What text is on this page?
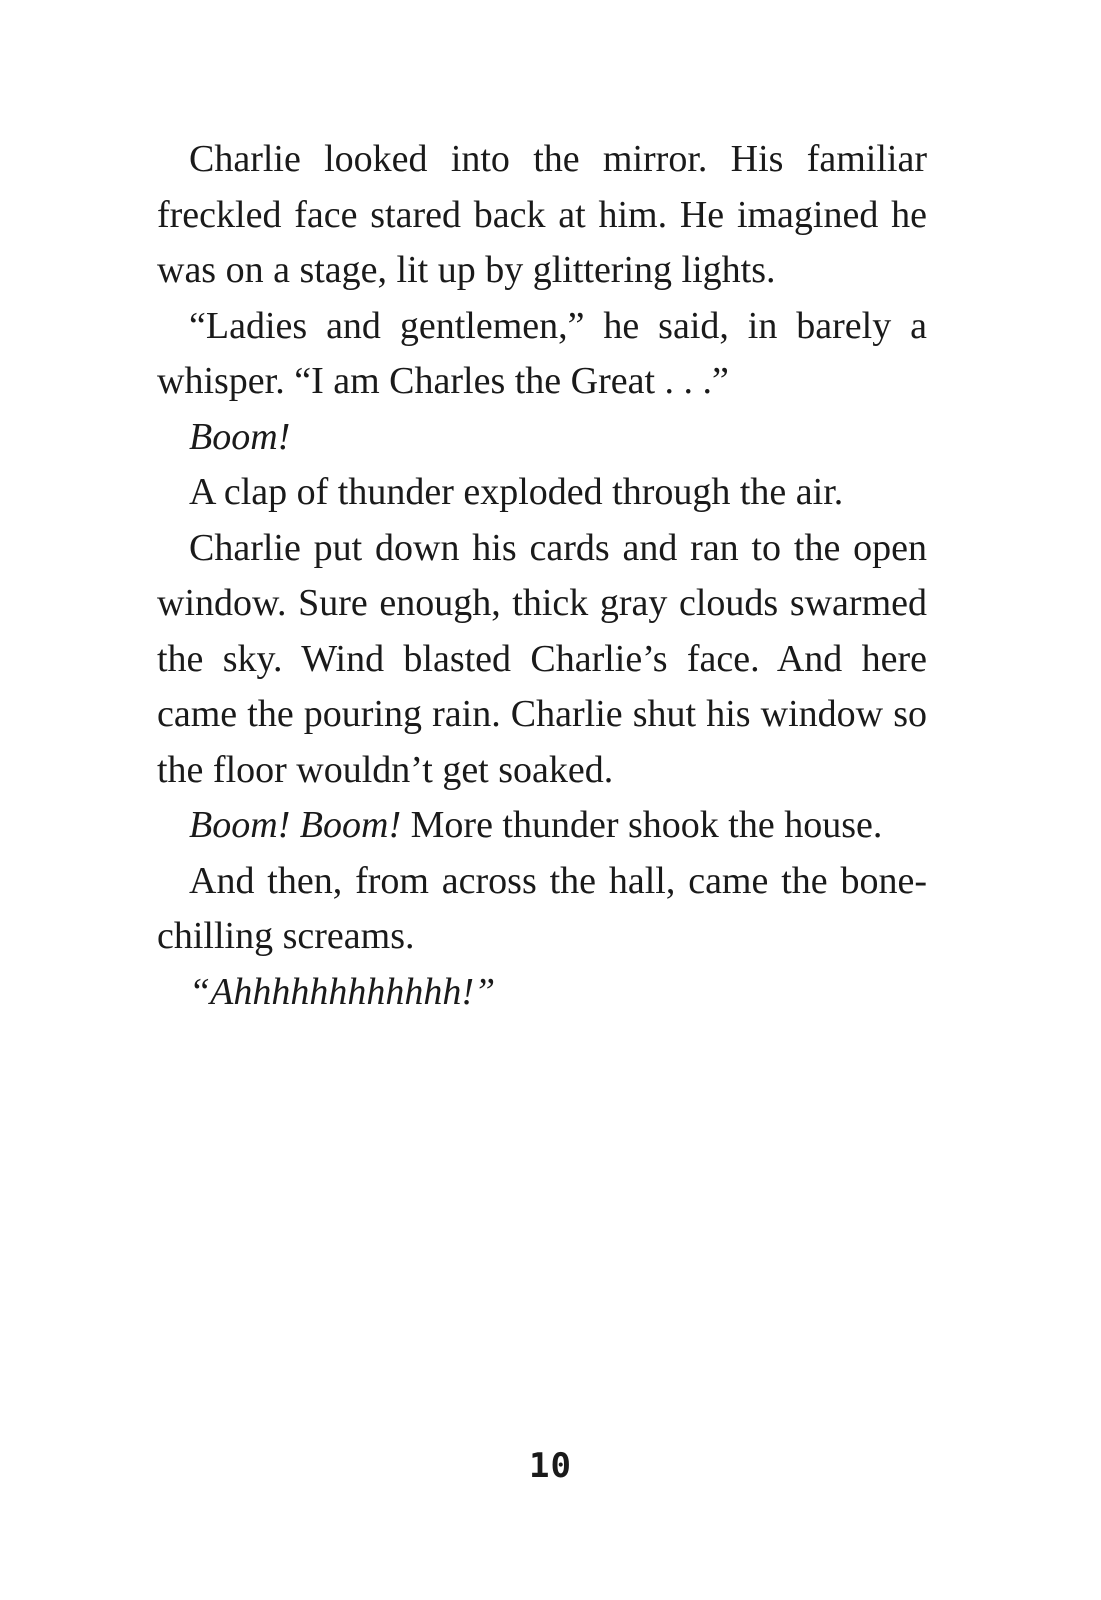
Charlie looked into the mirror. His familiar freckled face stared back at him. He imagined he was on a stage, lit up by glittering lights.

“Ladies and gentlemen,” he said, in barely a whisper. “I am Charles the Great . . .”

Boom!

A clap of thunder exploded through the air.

Charlie put down his cards and ran to the open window. Sure enough, thick gray clouds swarmed the sky. Wind blasted Charlie’s face. And here came the pouring rain. Charlie shut his window so the floor wouldn’t get soaked.

Boom! Boom! More thunder shook the house.

And then, from across the hall, came the bone-chilling screams.

“Ahhhhhhhhhhhh!”

10
